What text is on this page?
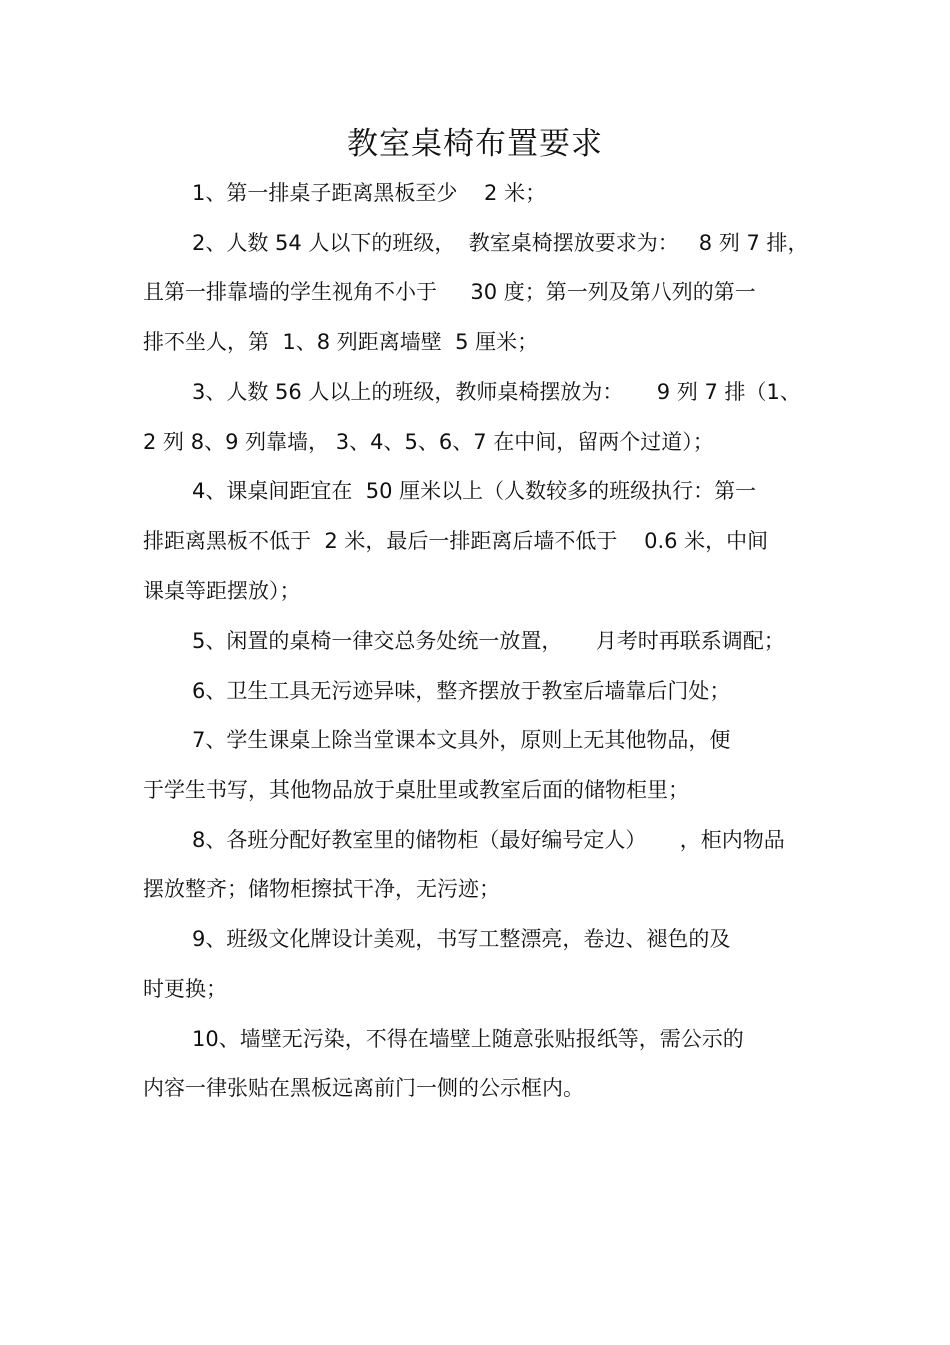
教室桌椅布置要求
1、第一排桌子距离黑板至少    2 米；
2、人数 54 人以下的班级，  教室桌椅摆放要求为：   8 列 7 排，
且第一排靠墙的学生视角不小于     30 度；第一列及第八列的第一
排不坐人，第  1、8 列距离墙壁  5 厘米；
3、人数 56 人以上的班级，教师桌椅摆放为：     9 列 7 排（1、
2 列 8、9 列靠墙， 3、4、5、6、7 在中间，留两个过道）；
4、课桌间距宜在  50 厘米以上（人数较多的班级执行：第一
排距离黑板不低于  2 米，最后一排距离后墙不低于    0.6 米，中间
课桌等距摆放）；
5、闲置的桌椅一律交总务处统一放置，     月考时再联系调配；
6、卫生工具无污迹异味，整齐摆放于教室后墙靠后门处；
7、学生课桌上除当堂课本文具外，原则上无其他物品，便
于学生书写，其他物品放于桌肚里或教室后面的储物柜里；
8、各班分配好教室里的储物柜（最好编号定人）     ，柜内物品
摆放整齐；储物柜擦拭干净，无污迹；
9、班级文化牌设计美观，书写工整漂亮，卷边、褪色的及
时更换；
10、墙壁无污染，不得在墙壁上随意张贴报纸等，需公示的
内容一律张贴在黑板远离前门一侧的公示框内。
